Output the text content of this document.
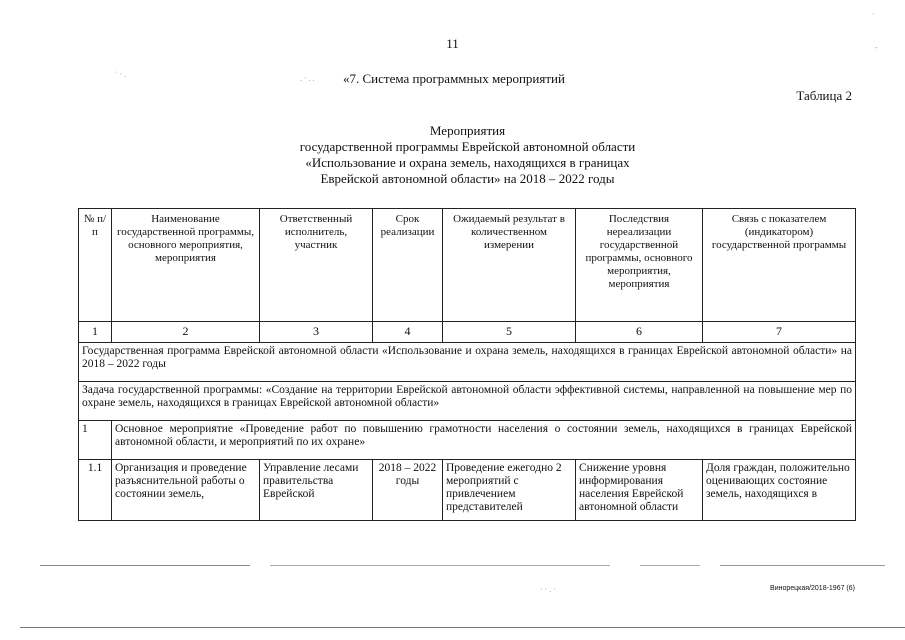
11
«7. Система программных мероприятий
Таблица 2
Мероприятия
государственной программы Еврейской автономной области
«Использование и охрана земель, находящихся в границах
Еврейской автономной области» на 2018 – 2022 годы
№ п/п	Наименование государственной программы, основного мероприятия, мероприятия	Ответственный исполнитель, участник	Срок реализации	Ожидаемый результат в количественном измерении	Последствия нереализации государственной программы, основного мероприятия, мероприятия	Связь с показателем (индикатором) государственной программы
1	2	3	4	5	6	7
Государственная программа Еврейской автономной области «Использование и охрана земель, находящихся в границах Еврейской автономной области» на 2018 – 2022 годы						
Задача государственной программы: «Создание на территории Еврейской автономной области эффективной системы, направленной на повышение мер по охране земель, находящихся в границах Еврейской автономной области»						
1	Основное мероприятие «Проведение работ по повышению грамотности населения о состоянии земель, находящихся в границах Еврейской автономной области, и мероприятий по их охране»					
1.1	Организация и проведение разъяснительной работы о состоянии земель,	Управление лесами правительства Еврейской	2018 – 2022 годы	Проведение ежегодно 2 мероприятий с привлечением представителей	Снижение уровня информирования населения Еврейской автономной области	Доля граждан, положительно оценивающих состояние земель, находящихся в
˙ · .	. · . .
· · . ·
·
-
Винорецкая/2018-1967 (6)
